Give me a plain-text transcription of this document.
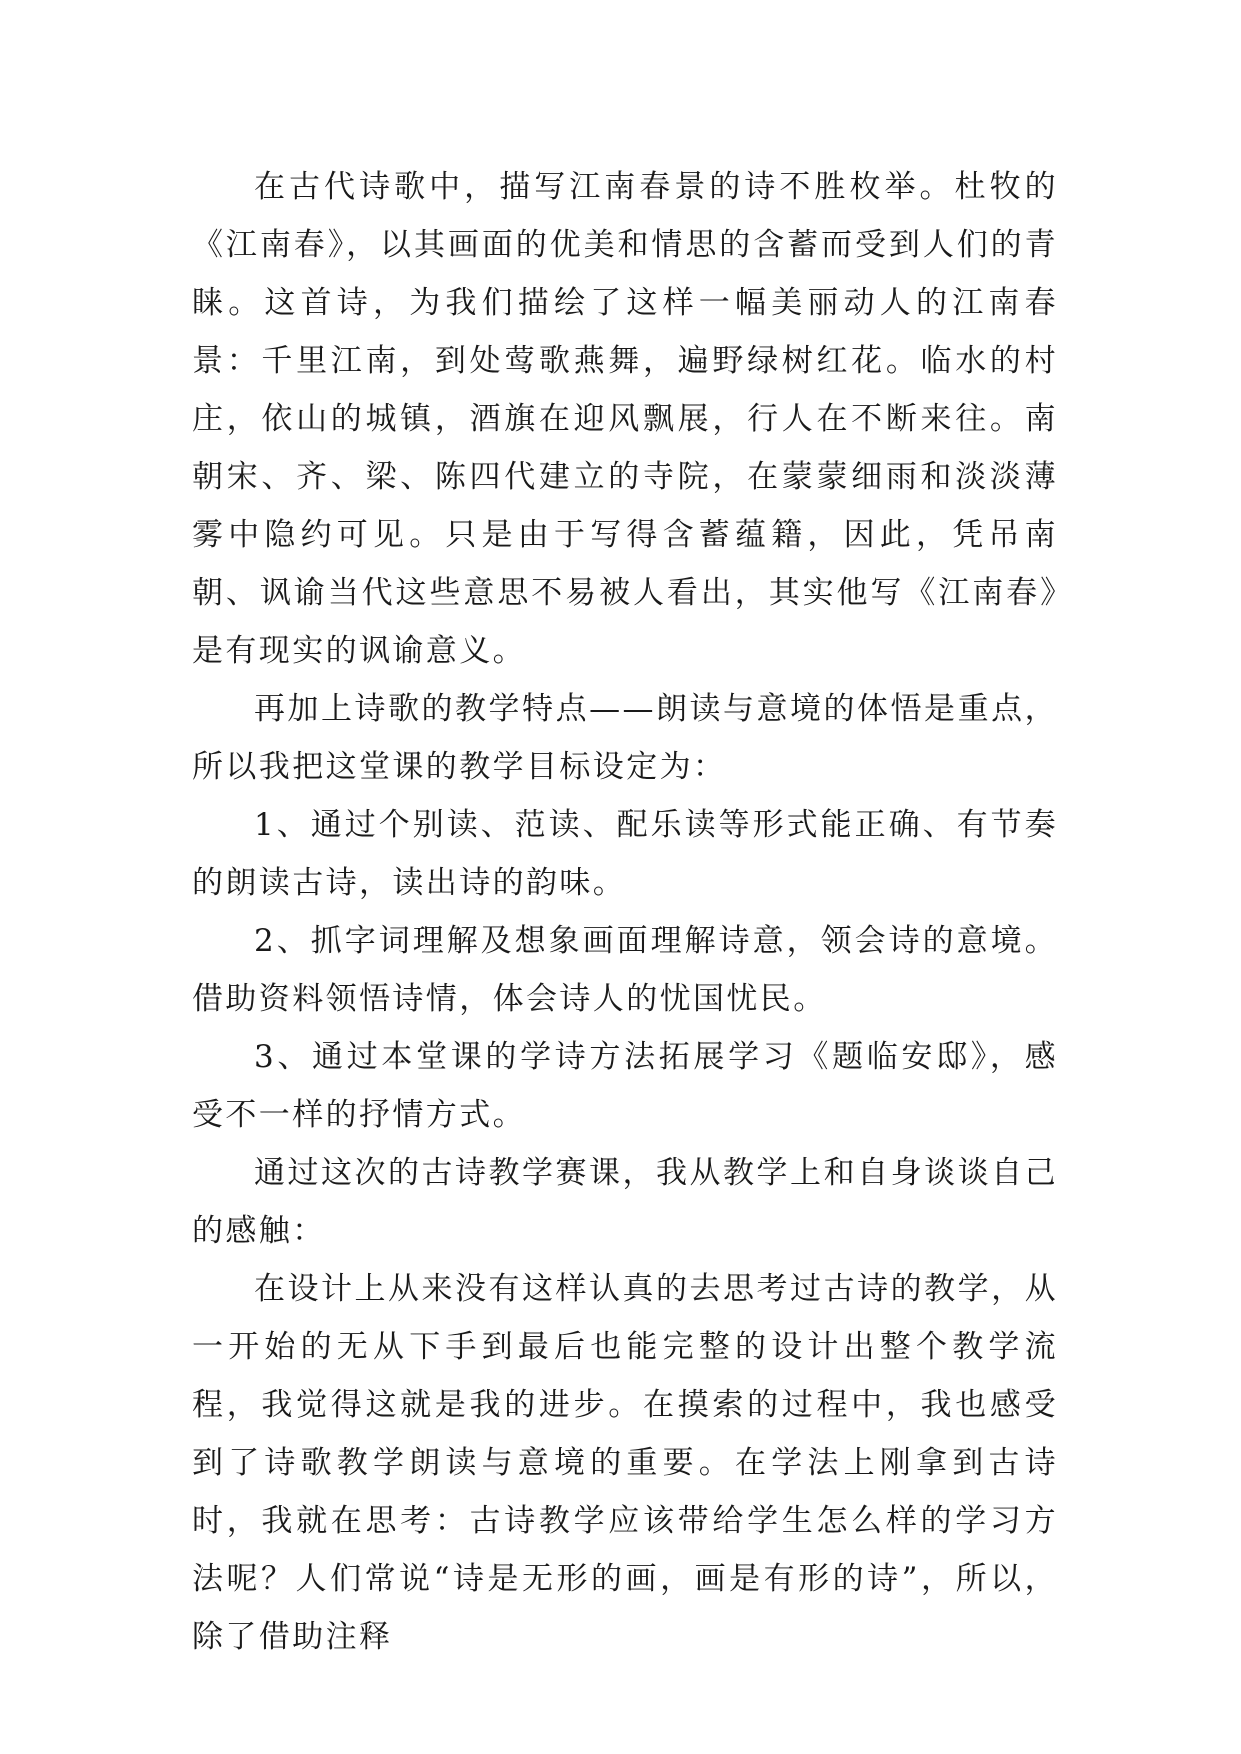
在古代诗歌中，描写江南春景的诗不胜枚举。杜牧的《江南春》，以其画面的优美和情思的含蓄而受到人们的青睐。这首诗，为我们描绘了这样一幅美丽动人的江南春景：千里江南，到处莺歌燕舞，遍野绿树红花。临水的村庄，依山的城镇，酒旗在迎风飘展，行人在不断来往。南朝宋、齐、梁、陈四代建立的寺院，在蒙蒙细雨和淡淡薄雾中隐约可见。只是由于写得含蓄蕴籍，因此，凭吊南朝、讽谕当代这些意思不易被人看出，其实他写《江南春》是有现实的讽谕意义。

再加上诗歌的教学特点——朗读与意境的体悟是重点，所以我把这堂课的教学目标设定为：

1、通过个别读、范读、配乐读等形式能正确、有节奏的朗读古诗，读出诗的韵味。

2、抓字词理解及想象画面理解诗意，领会诗的意境。借助资料领悟诗情，体会诗人的忧国忧民。

3、通过本堂课的学诗方法拓展学习《题临安邸》，感受不一样的抒情方式。

通过这次的古诗教学赛课，我从教学上和自身谈谈自己的感触：

在设计上从来没有这样认真的去思考过古诗的教学，从一开始的无从下手到最后也能完整的设计出整个教学流程，我觉得这就是我的进步。在摸索的过程中，我也感受到了诗歌教学朗读与意境的重要。在学法上刚拿到古诗时，我就在思考：古诗教学应该带给学生怎么样的学习方法呢？人们常说“诗是无形的画，画是有形的诗”，所以，除了借助注释
